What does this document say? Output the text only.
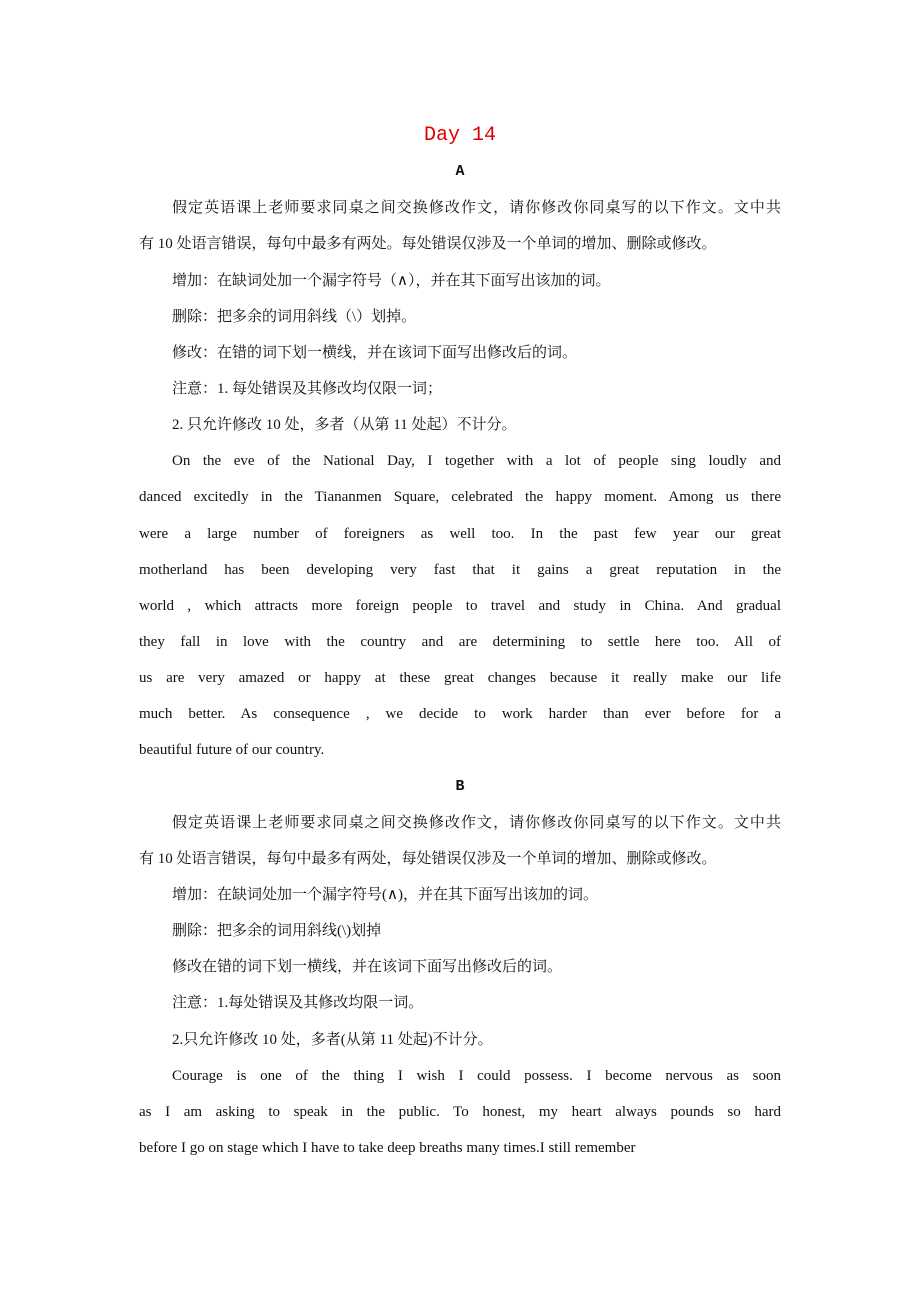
Day 14
A
假定英语课上老师要求同桌之间交换修改作文，请你修改你同桌写的以下作文。文中共
有 10 处语言错误，每句中最多有两处。每处错误仅涉及一个单词的增加、删除或修改。
增加：在缺词处加一个漏字符号（∧），并在其下面写出该加的词。
删除：把多余的词用斜线（\）划掉。
修改：在错的词下划一横线，并在该词下面写出修改后的词。
注意：1. 每处错误及其修改均仅限一词；
2. 只允许修改 10 处，多者（从第 11 处起）不计分。
On the eve of the National Day, I together with a lot of people sing loudly and
danced excitedly in the Tiananmen Square, celebrated the happy moment. Among us there
were a large number of foreigners as well too. In the past few year our great
motherland has been developing very fast that it gains a great reputation in the
world , which attracts more foreign people to travel and study in China. And gradual
they fall in love with the country and are determining to settle here too. All of
us are very amazed or happy at these great changes because it really make our life
much better. As consequence , we decide to work harder than ever before for a
beautiful future of our country.
B
假定英语课上老师要求同桌之间交换修改作文，请你修改你同桌写的以下作文。文中共
有 10 处语言错误，每句中最多有两处，每处错误仅涉及一个单词的增加、删除或修改。
增加：在缺词处加一个漏字符号(∧)，并在其下面写出该加的词。
删除：把多余的词用斜线(\)划掉
修改在错的词下划一横线，并在该词下面写出修改后的词。
注意：1.每处错误及其修改均限一词。
2.只允许修改 10 处，多者(从第 11 处起)不计分。
Courage is one of the thing I wish I could possess. I become nervous as soon
as I am asking to speak in the public. To honest, my heart always pounds so hard
before I go on stage which I have to take deep breaths many times.I still remember
